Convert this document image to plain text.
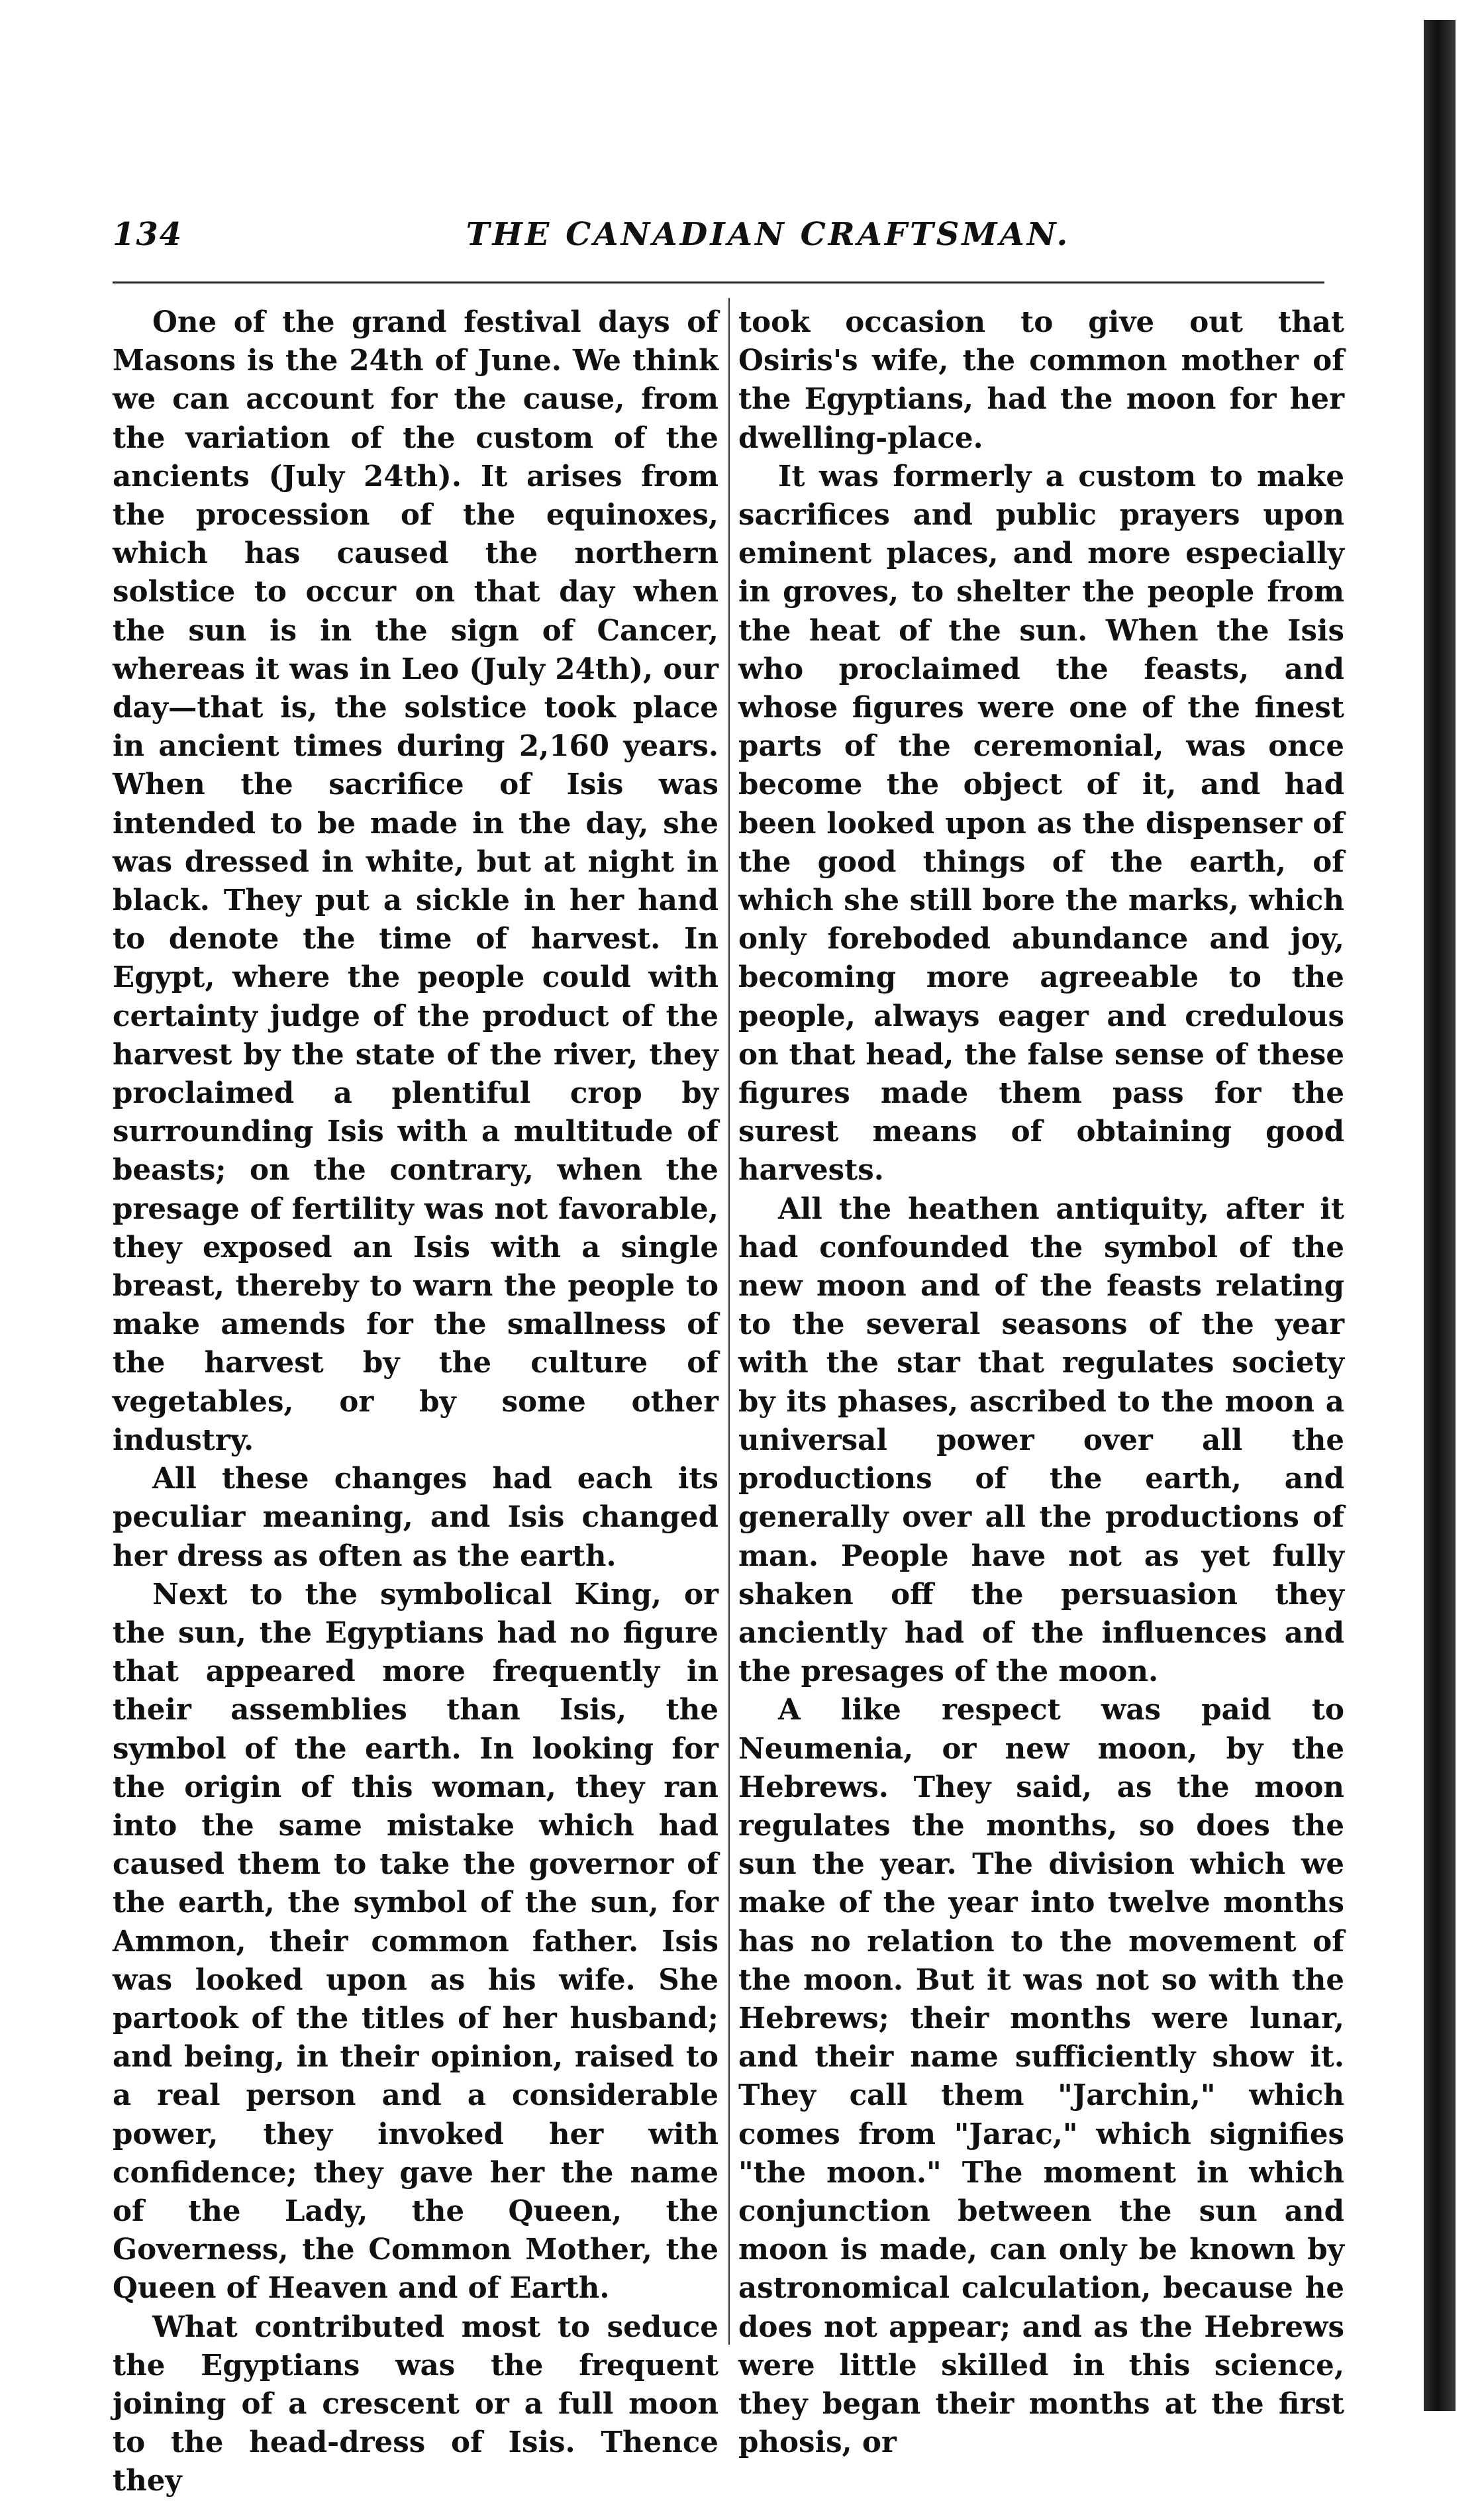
134	THE CANADIAN CRAFTSMAN.

One of the grand festival days of Masons is the 24th of June. We think we can account for the cause, from the variation of the custom of the ancients (July 24th). It arises from the procession of the equinoxes, which has caused the northern solstice to occur on that day when the sun is in the sign of Cancer, whereas it was in Leo (July 24th), our day—that is, the solstice took place in ancient times during 2,160 years. When the sacrifice of Isis was intended to be made in the day, she was dressed in white, but at night in black. They put a sickle in her hand to denote the time of harvest. In Egypt, where the people could with certainty judge of the product of the harvest by the state of the river, they proclaimed a plentiful crop by surrounding Isis with a multitude of beasts; on the contrary, when the presage of fertility was not favorable, they exposed an Isis with a single breast, thereby to warn the people to make amends for the smallness of the harvest by the culture of vegetables, or by some other industry.

All these changes had each its peculiar meaning, and Isis changed her dress as often as the earth.

Next to the symbolical King, or the sun, the Egyptians had no figure that appeared more frequently in their assemblies than Isis, the symbol of the earth. In looking for the origin of this woman, they ran into the same mistake which had caused them to take the governor of the earth, the symbol of the sun, for Ammon, their common father. Isis was looked upon as his wife. She partook of the titles of her husband; and being, in their opinion, raised to a real person and a considerable power, they invoked her with confidence; they gave her the name of the Lady, the Queen, the Governess, the Common Mother, the Queen of Heaven and of Earth.

What contributed most to seduce the Egyptians was the frequent joining of a crescent or a full moon to the head-dress of Isis. Thence they

took occasion to give out that Osiris's wife, the common mother of the Egyptians, had the moon for her dwelling-place.

It was formerly a custom to make sacrifices and public prayers upon eminent places, and more especially in groves, to shelter the people from the heat of the sun. When the Isis who proclaimed the feasts, and whose figures were one of the finest parts of the ceremonial, was once become the object of it, and had been looked upon as the dispenser of the good things of the earth, of which she still bore the marks, which only foreboded abundance and joy, becoming more agreeable to the people, always eager and credulous on that head, the false sense of these figures made them pass for the surest means of obtaining good harvests.

All the heathen antiquity, after it had confounded the symbol of the new moon and of the feasts relating to the several seasons of the year with the star that regulates society by its phases, ascribed to the moon a universal power over all the productions of the earth, and generally over all the productions of man. People have not as yet fully shaken off the persuasion they anciently had of the influences and the presages of the moon.

A like respect was paid to Neumenia, or new moon, by the Hebrews. They said, as the moon regulates the months, so does the sun the year. The division which we make of the year into twelve months has no relation to the movement of the moon. But it was not so with the Hebrews; their months were lunar, and their name sufficiently show it. They call them "Jarchin," which comes from "Jarac," which signifies "the moon." The moment in which conjunction between the sun and moon is made, can only be known by astronomical calculation, because he does not appear; and as the Hebrews were little skilled in this science, they began their months at the first phosis, or
